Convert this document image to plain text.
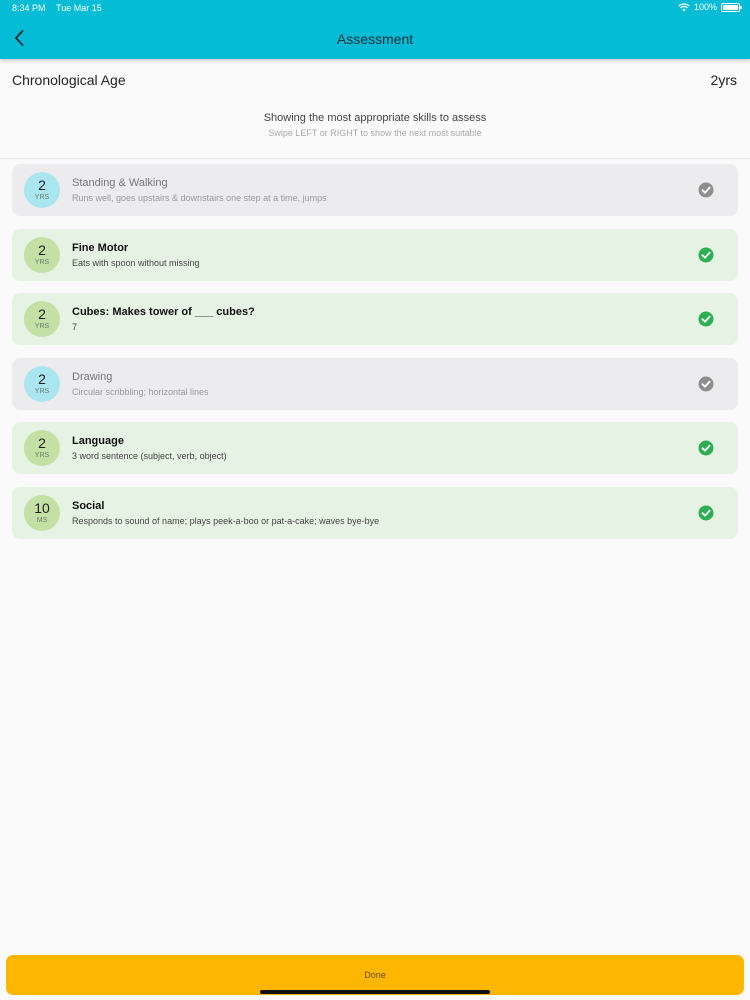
8:34 PM Tue Mar 15	100%
Assessment
Chronological Age	2yrs
Showing the most appropriate skills to assess
Swipe LEFT or RIGHT to show the next most suitable
2
YRS
Standing & Walking
Runs well, goes upstairs & downstairs one step at a time, jumps
2
YRS
Fine Motor
Eats with spoon without missing
2
YRS
Cubes: Makes tower of ___ cubes?
7
2
YRS
Drawing
Circular scribbling; horizontal lines
2
YRS
Language
3 word sentence (subject, verb, object)
10
MS
Social
Responds to sound of name; plays peek-a-boo or pat-a-cake; waves bye-bye
Done
